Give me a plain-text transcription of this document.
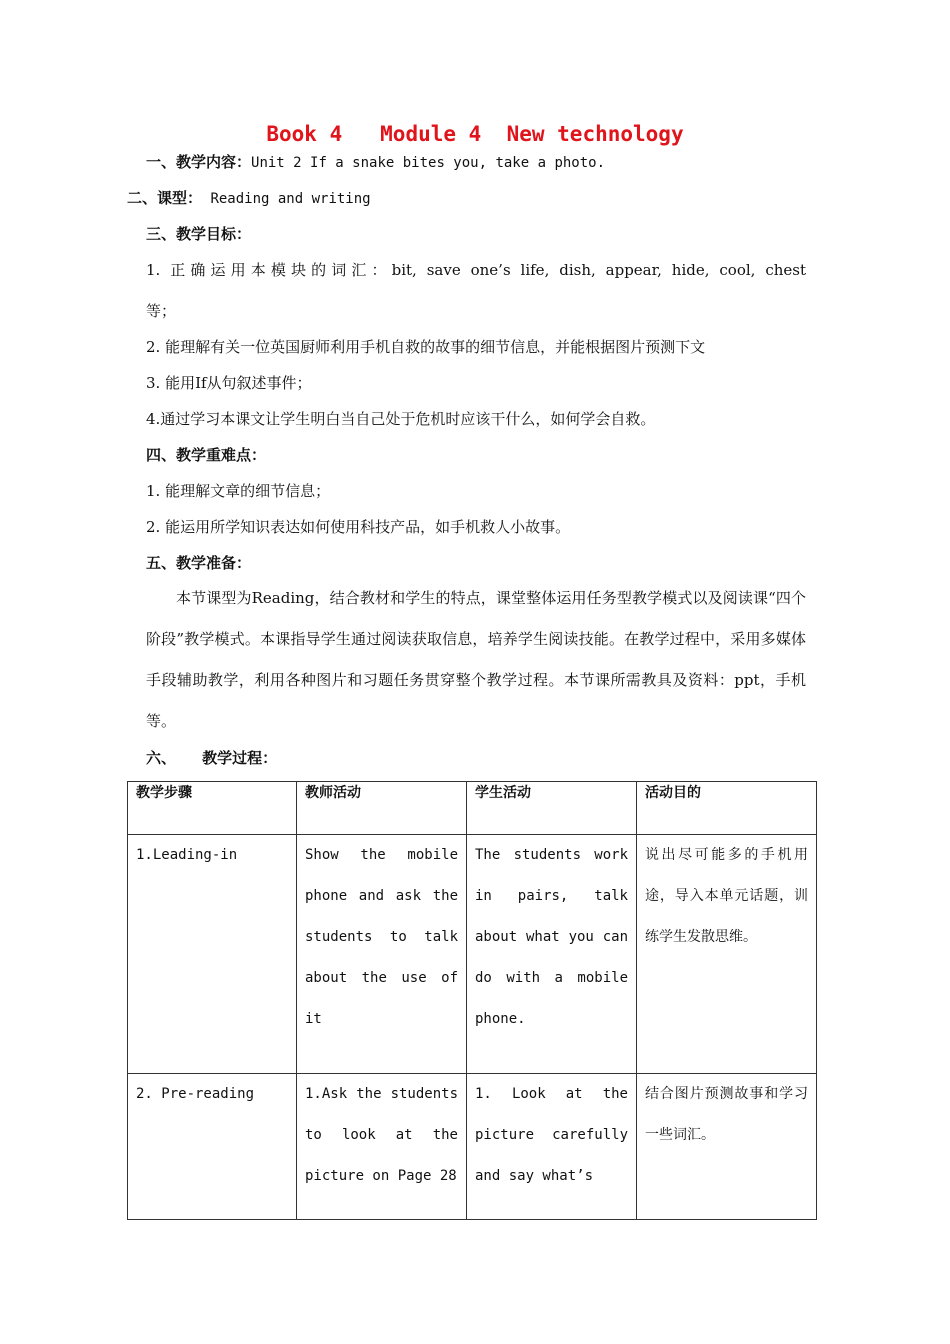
Book 4   Module 4  New technology
一、教学内容：Unit 2 If a snake bites you, take a photo.
二、课型： Reading and writing
三、教学目标：
1. 正确运用本模块的词汇：bit, save one’s life, dish, appear, hide, cool, chest
等；
2. 能理解有关一位英国厨师利用手机自救的故事的细节信息，并能根据图片预测下文
3. 能用If从句叙述事件；
4.通过学习本课文让学生明白当自己处于危机时应该干什么，如何学会自救。
四、教学重难点：
1. 能理解文章的细节信息；
2. 能运用所学知识表达如何使用科技产品，如手机救人小故事。
五、教学准备：
本节课型为Reading，结合教材和学生的特点，课堂整体运用任务型教学模式以及阅读课“四个阶段”教学模式。本课指导学生通过阅读获取信息，培养学生阅读技能。在教学过程中，采用多媒体手段辅助教学，利用各种图片和习题任务贯穿整个教学过程。本节课所需教具及资料：ppt，手机等。
六、     教学过程：
教学步骤	教师活动	学生活动	活动目的
1.Leading-in	Show the mobile phone and ask the students to talk about the use of it	The students work in pairs, talk about what you can do with a mobile phone.	说出尽可能多的手机用途，导入本单元话题，训练学生发散思维。
2. Pre-reading	1.Ask the students to look at the picture on Page 28	1. Look at the picture carefully and say what’s	结合图片预测故事和学习一些词汇。
